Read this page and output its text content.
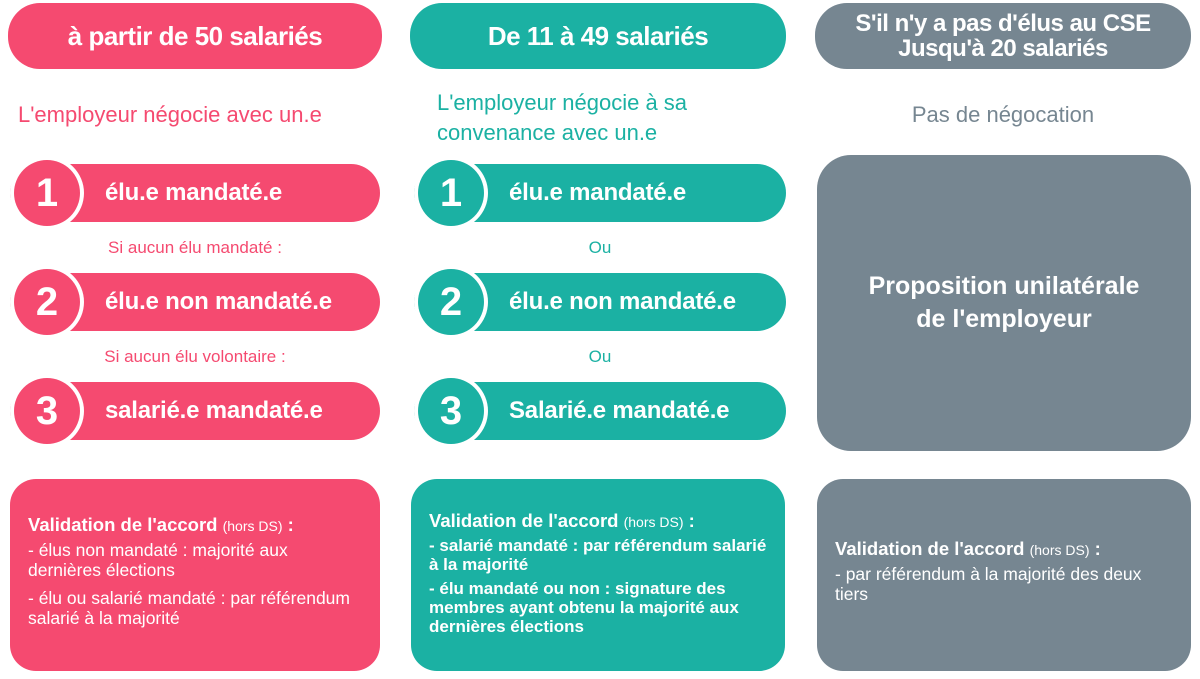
à partir de 50 salariés	De 11 à 49 salariés	S'il n'y a pas d'élus au CSE
Jusqu'à 20 salariés
L'employeur négocie avec un.e	L'employeur négocie à sa convenance avec un.e
Pas de négocation
élu.e mandaté.e
1
Si aucun élu mandaté :
élu.e non mandaté.e
2
Si aucun élu volontaire :
salarié.e mandaté.e
3
élu.e mandaté.e
1
Ou
élu.e non mandaté.e
2
Ou
Salarié.e mandaté.e
3
Proposition unilatérale de l'employeur
Validation de l'accord (hors DS) :
- élus non mandaté : majorité aux dernières élections
- élu ou salarié mandaté : par référendum salarié à la majorité
Validation de l'accord (hors DS) :
- salarié mandaté : par référendum salarié à la majorité
- élu mandaté ou non : signature des membres ayant obtenu la majorité aux dernières élections
Validation de l'accord (hors DS) :
- par référendum à la majorité des deux tiers
